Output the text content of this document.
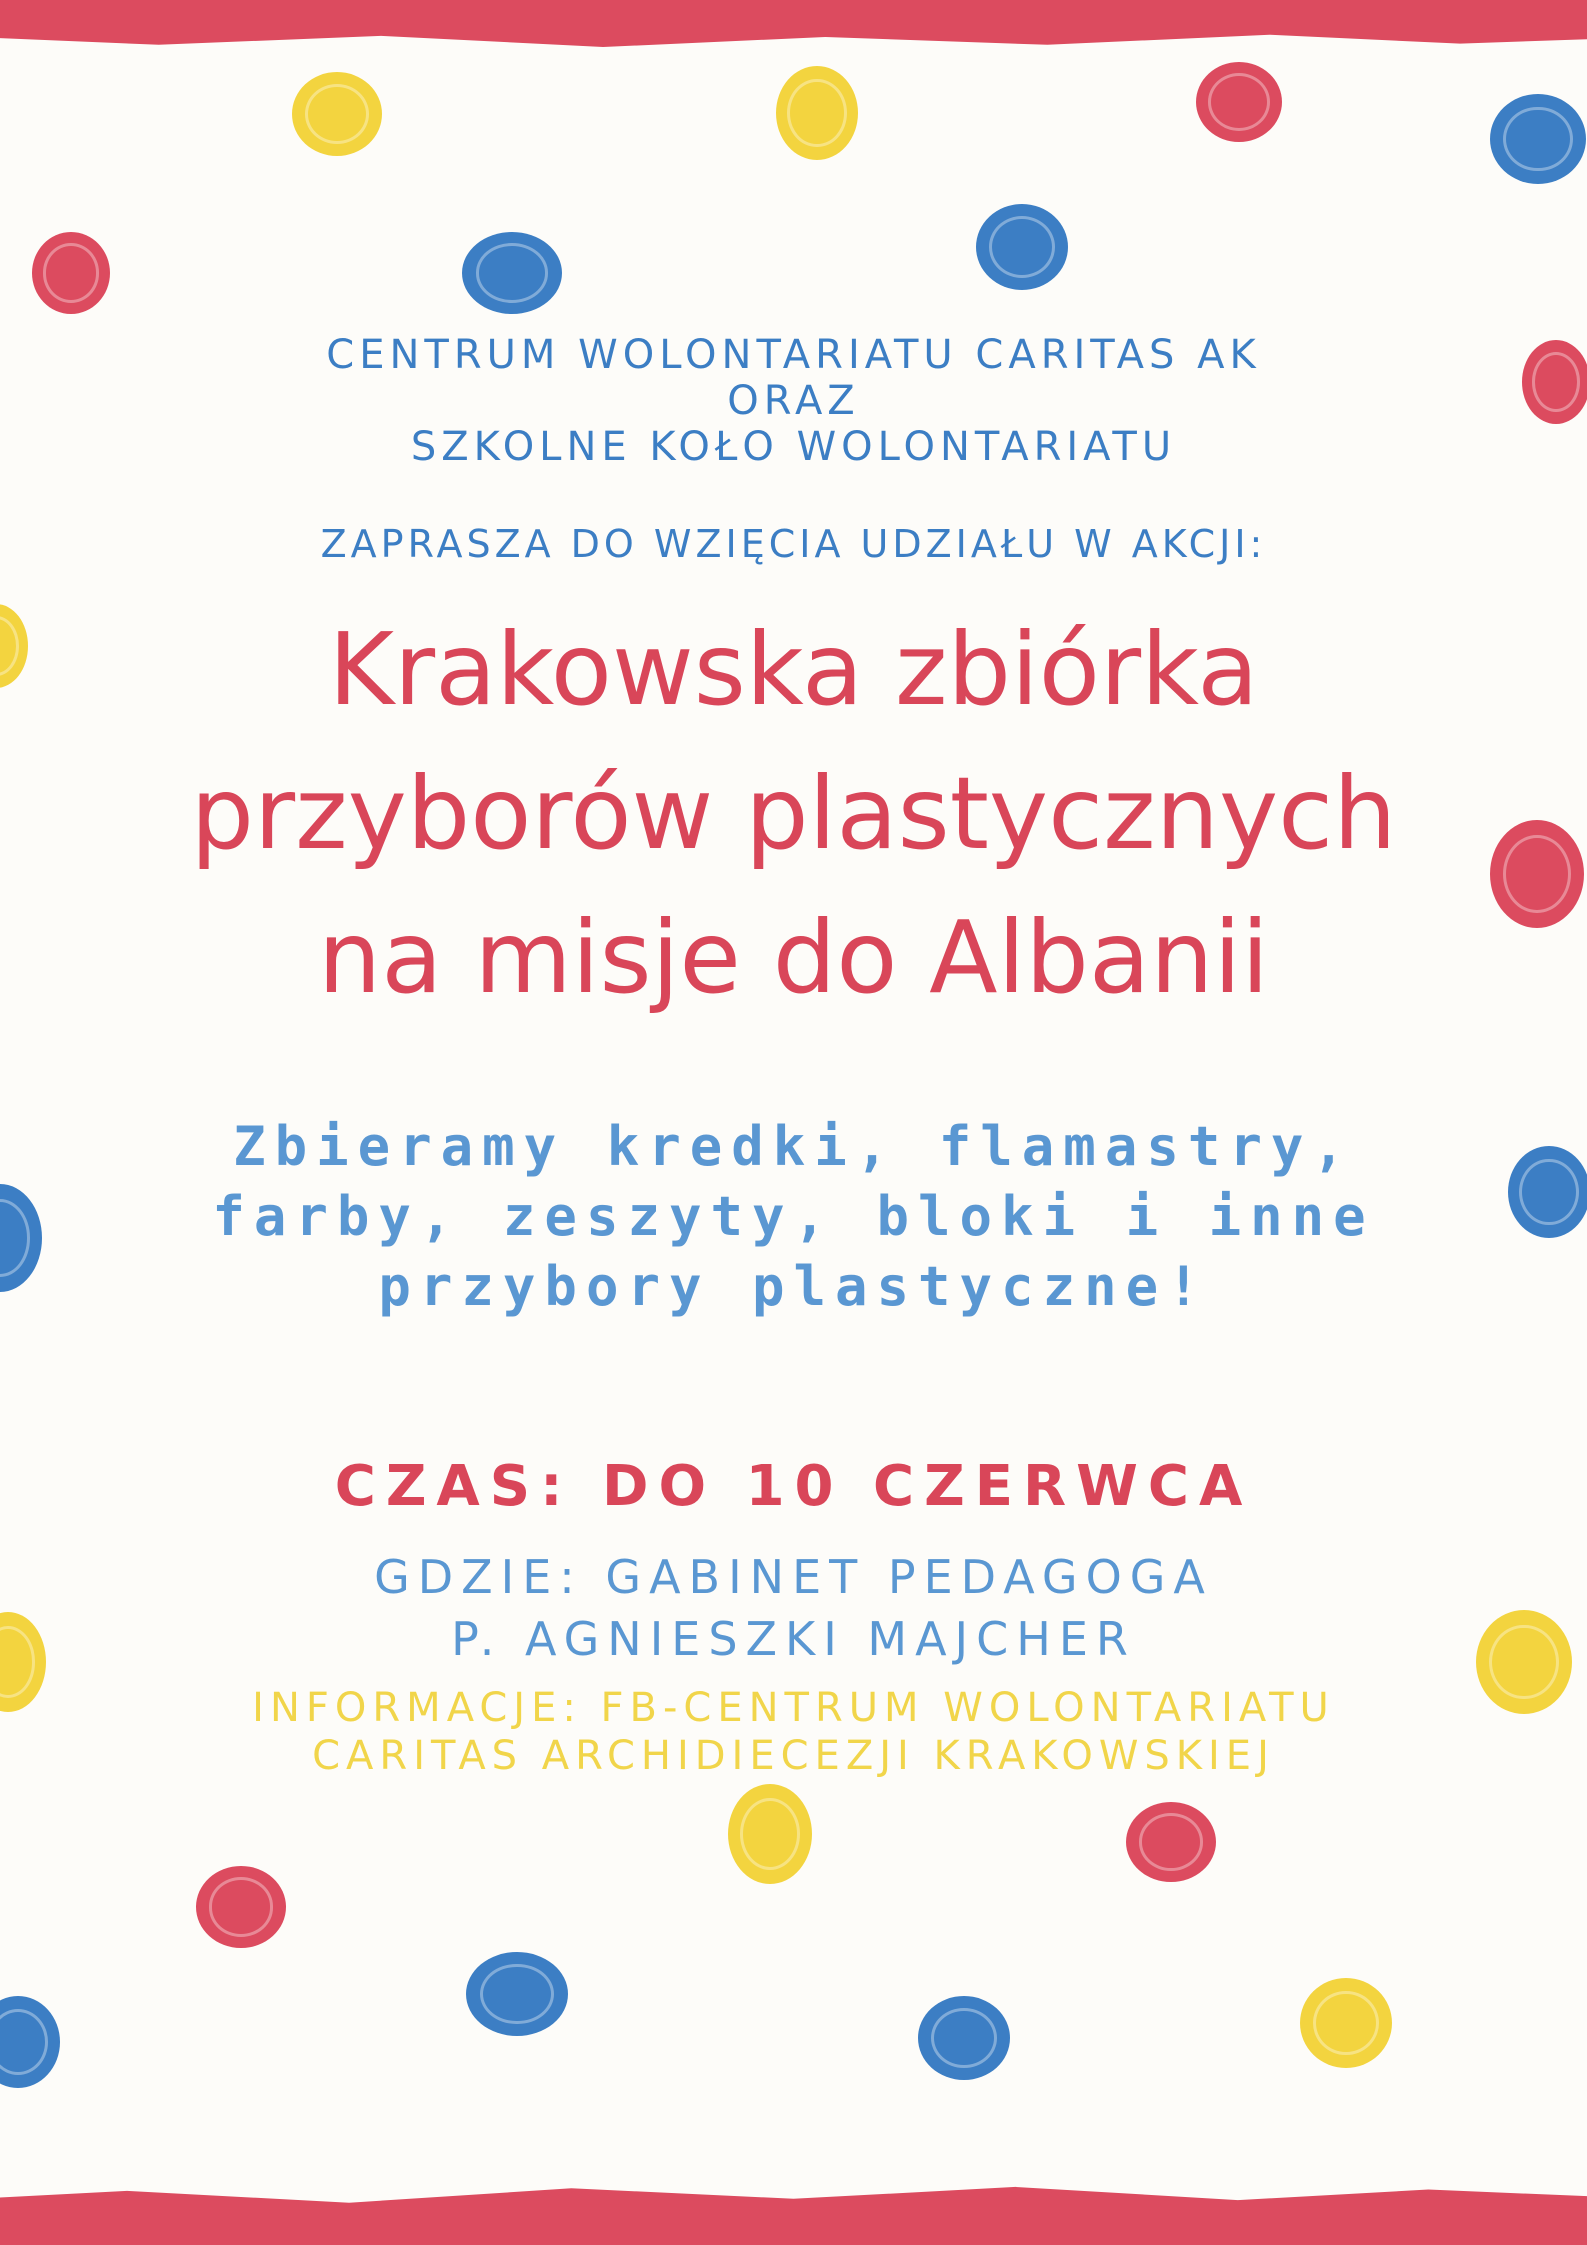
CENTRUM WOLONTARIATU CARITAS AK
ORAZ
SZKOLNE KOŁO WOLONTARIATU
ZAPRASZA DO WZIĘCIA UDZIAŁU W AKCJI:
Krakowska zbiórka
przyborów plastycznych
na misje do Albanii
Zbieramy kredki, flamastry,
farby, zeszyty, bloki i inne
przybory plastyczne!
CZAS: DO 10 CZERWCA
GDZIE: GABINET PEDAGOGA
P. AGNIESZKI MAJCHER
INFORMACJE: FB-CENTRUM WOLONTARIATU
CARITAS ARCHIDIECEZJI KRAKOWSKIEJ
